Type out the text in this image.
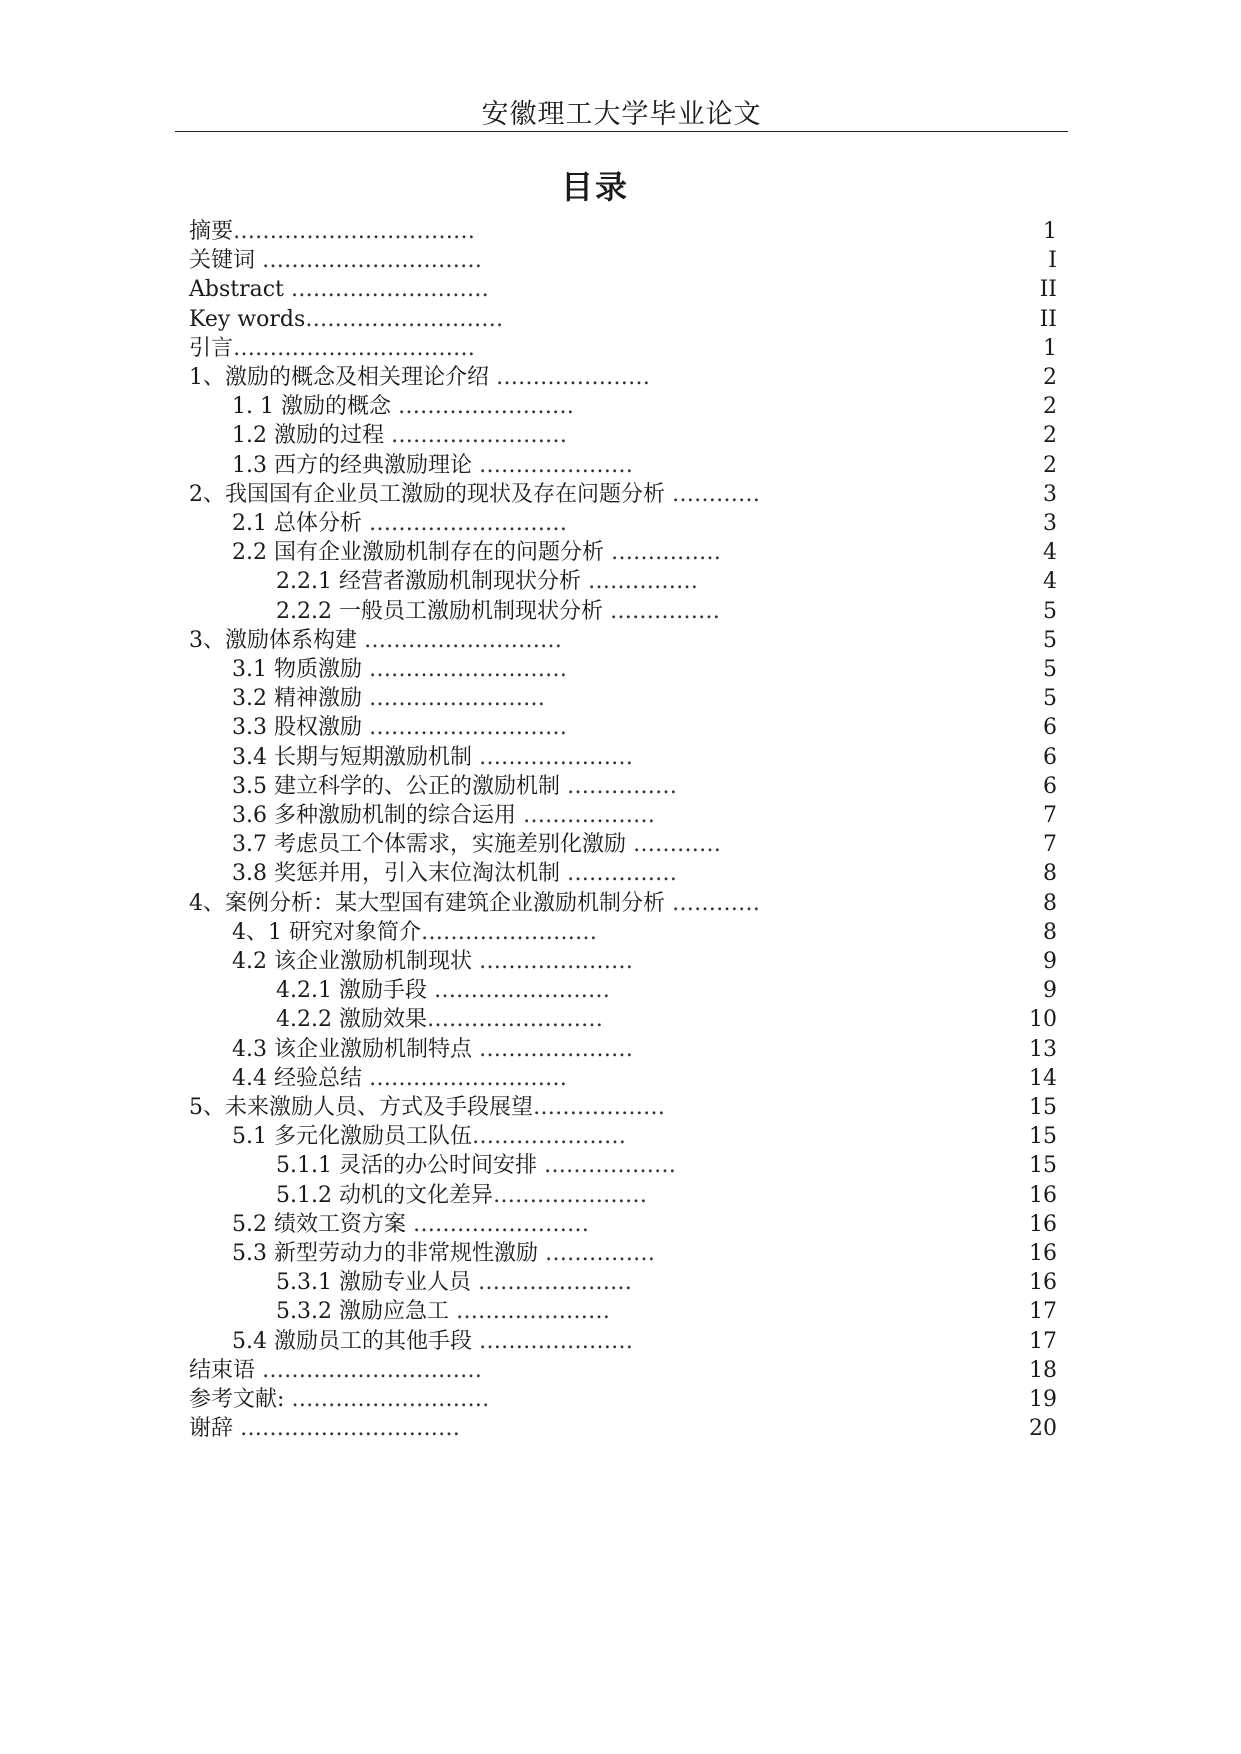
安徽理工大学毕业论文
目录
摘要……………………………	1
关键词 …………………………	I
Abstract ………………………	II
Key words………………………	II
引言……………………………	1
1、激励的概念及相关理论介绍 …………………	2
1. 1 激励的概念 ……………………	2
1.2 激励的过程 ……………………	2
1.3 西方的经典激励理论 …………………	2
2、我国国有企业员工激励的现状及存在问题分析 …………	3
2.1 总体分析 ………………………	3
2.2 国有企业激励机制存在的问题分析 ……………	4
2.2.1 经营者激励机制现状分析 ……………	4
2.2.2 一般员工激励机制现状分析 ……………	5
3、激励体系构建 ………………………	5
3.1 物质激励 ………………………	5
3.2 精神激励 ……………………	5
3.3 股权激励 ………………………	6
3.4 长期与短期激励机制 …………………	6
3.5 建立科学的、公正的激励机制 ……………	6
3.6 多种激励机制的综合运用 ………………	7
3.7 考虑员工个体需求，实施差别化激励 …………	7
3.8 奖惩并用，引入末位淘汰机制 ……………	8
4、案例分析：某大型国有建筑企业激励机制分析 …………	8
4、1 研究对象简介……………………	8
4.2 该企业激励机制现状 …………………	9
4.2.1 激励手段 ……………………	9
4.2.2 激励效果……………………	10
4.3 该企业激励机制特点 …………………	13
4.4 经验总结 ………………………	14
5、未来激励人员、方式及手段展望………………	15
5.1 多元化激励员工队伍…………………	15
5.1.1 灵活的办公时间安排 ………………	15
5.1.2 动机的文化差异…………………	16
5.2 绩效工资方案 ……………………	16
5.3 新型劳动力的非常规性激励 ……………	16
5.3.1 激励专业人员 …………………	16
5.3.2 激励应急工 …………………	17
5.4 激励员工的其他手段 …………………	17
结束语 …………………………	18
参考文献: ………………………	19
谢辞 …………………………	20
